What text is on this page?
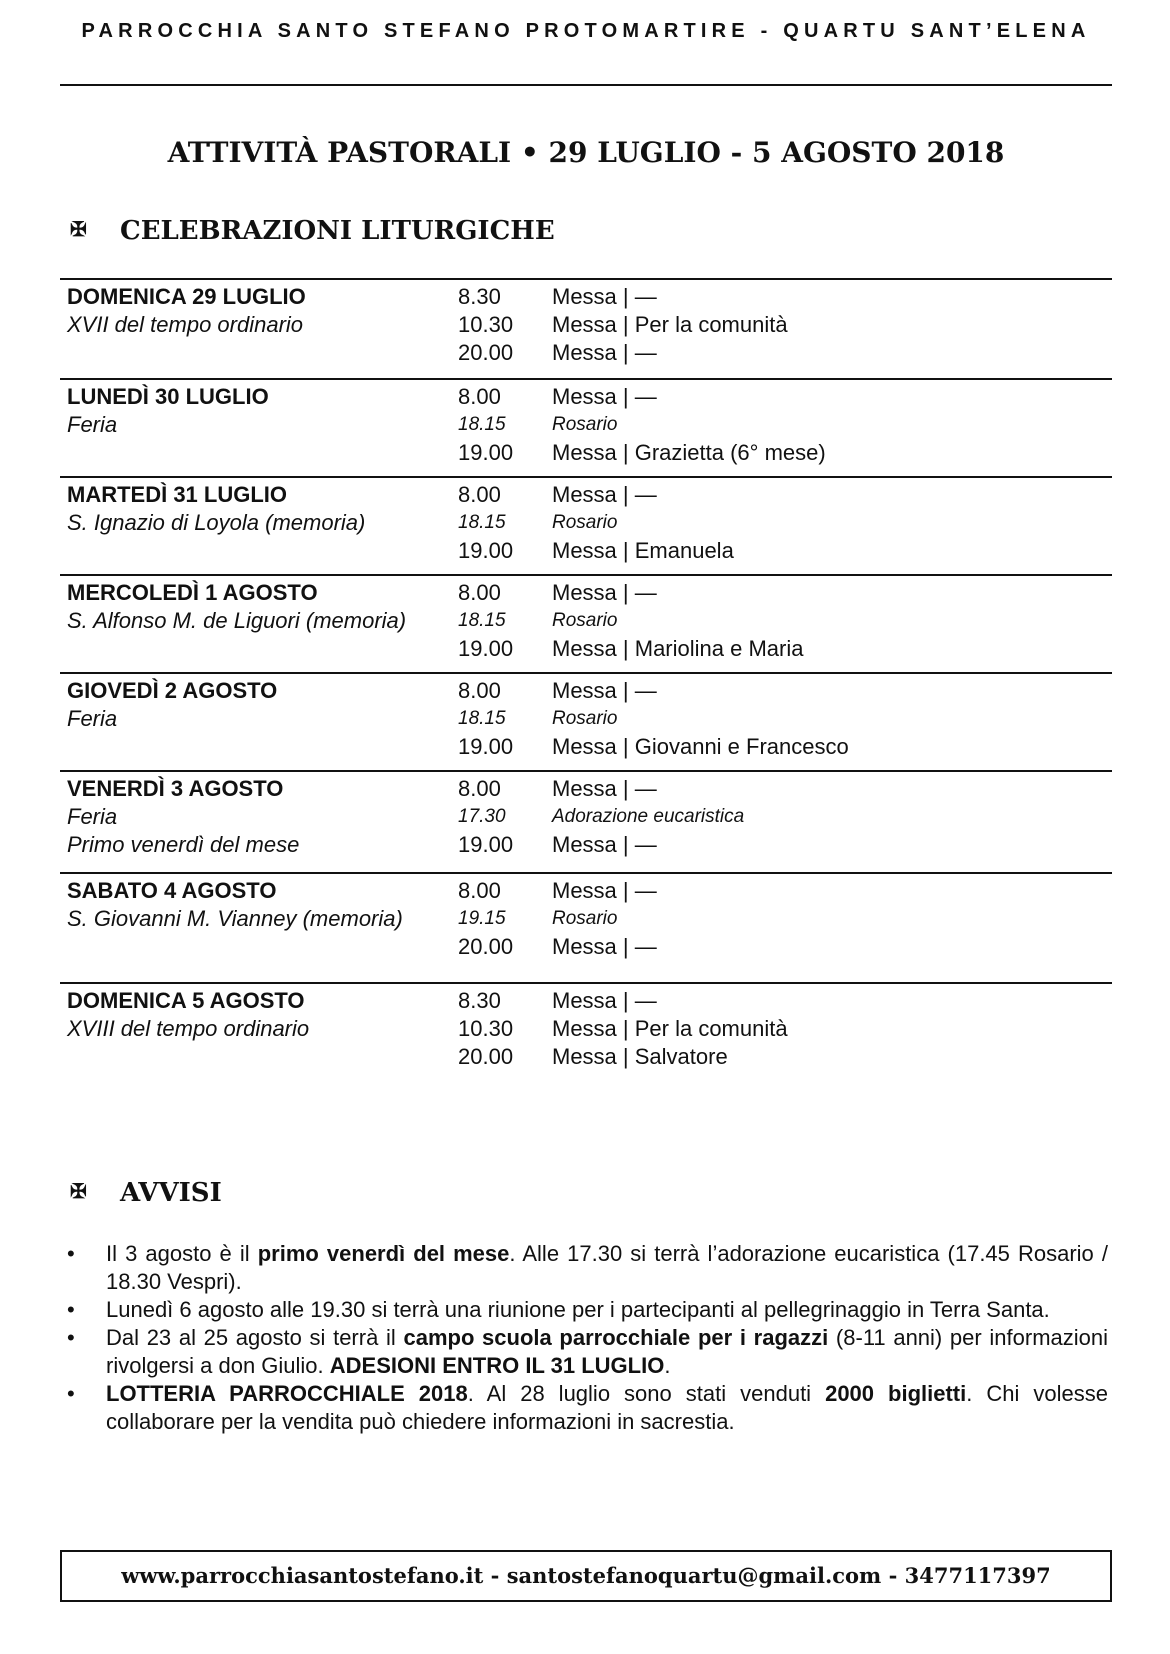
PARROCCHIA SANTO STEFANO PROTOMARTIRE - QUARTU SANT’ELENA
ATTIVITÀ PASTORALI • 29 LUGLIO - 5 AGOSTO 2018
✠ CELEBRAZIONI LITURGICHE
DOMENICA 29 LUGLIO	8.30 Messa | —
XVII del tempo ordinario	10.30 Messa | Per la comunità
20.00 Messa | —
LUNEDÌ 30 LUGLIO	8.00 Messa | —
Feria	18.15 Rosario
19.00 Messa | Grazietta (6° mese)
MARTEDÌ 31 LUGLIO	8.00 Messa | —
S. Ignazio di Loyola (memoria)	18.15 Rosario
19.00 Messa | Emanuela
MERCOLEDÌ 1 AGOSTO	8.00 Messa | —
S. Alfonso M. de Liguori (memoria)	18.15 Rosario
19.00 Messa | Mariolina e Maria
GIOVEDÌ 2 AGOSTO	8.00 Messa | —
Feria	18.15 Rosario
19.00 Messa | Giovanni e Francesco
VENERDÌ 3 AGOSTO	8.00 Messa | —
Feria	17.30 Adorazione eucaristica
Primo venerdì del mese	19.00 Messa | —
SABATO 4 AGOSTO	8.00 Messa | —
S. Giovanni M. Vianney (memoria)	19.15 Rosario
20.00 Messa | —
DOMENICA 5 AGOSTO	8.30 Messa | —
XVIII del tempo ordinario	10.30 Messa | Per la comunità
20.00 Messa | Salvatore
✠ AVVISI
• Il 3 agosto è il primo venerdì del mese. Alle 17.30 si terrà l’adorazione eucaristica (17.45 Rosario / 18.30 Vespri).
• Lunedì 6 agosto alle 19.30 si terrà una riunione per i partecipanti al pellegrinaggio in Terra Santa.
• Dal 23 al 25 agosto si terrà il campo scuola parrocchiale per i ragazzi (8-11 anni) per informazioni rivolgersi a don Giulio. ADESIONI ENTRO IL 31 LUGLIO.
• LOTTERIA PARROCCHIALE 2018. Al 28 luglio sono stati venduti 2000 biglietti. Chi volesse collaborare per la vendita può chiedere informazioni in sacrestia.
www.parrocchiasantostefano.it - santostefanoquartu@gmail.com - 3477117397
